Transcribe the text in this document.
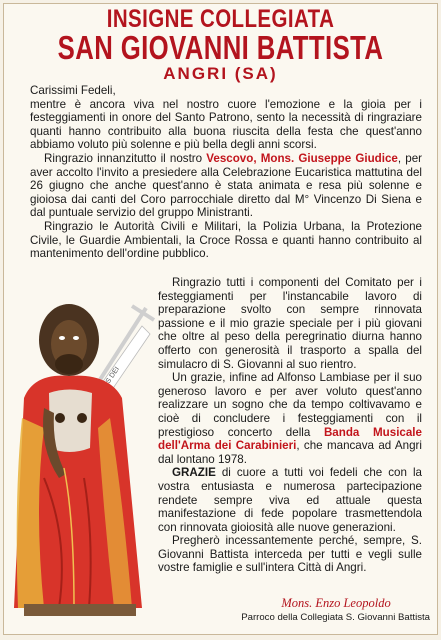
INSIGNE COLLEGIATA
SAN GIOVANNI BATTISTA
ANGRI (SA)

Carissimi Fedeli,

mentre è ancora viva nel nostro cuore l'emozione e la gioia per i festeggiamenti in onore del Santo Patrono, sento la necessità di ringraziare quanti hanno contribuito alla buona riuscita della festa che quest'anno abbiamo voluto più solenne e più bella degli anni scorsi.

Ringrazio innanzitutto il nostro Vescovo, Mons. Giuseppe Giudice, per aver accolto l'invito a presiedere alla Celebrazione Eucaristica mattutina del 26 giugno che anche quest'anno è stata animata e resa più solenne e gioiosa dai canti del Coro parrocchiale diretto dal M° Vincenzo Di Siena e dal puntuale servizio del gruppo Ministranti.

Ringrazio le Autorità Civili e Militari, la Polizia Urbana, la Protezione Civile, le Guardie Ambientali, la Croce Rossa e quanti hanno contribuito al mantenimento dell'ordine pubblico.

Ringrazio tutti i componenti del Comitato per i festeggiamenti per l'instancabile lavoro di preparazione svolto con sempre rinnovata passione e il mio grazie speciale per i più giovani che oltre al peso della peregrinatio diurna hanno offerto con generosità il trasporto a spalla del simulacro di S. Giovanni al suo rientro.

Un grazie, infine ad Alfonso Lambiase per il suo generoso lavoro e per aver voluto quest'anno realizzare un sogno che da tempo coltivavamo e cioè di concludere i festeggiamenti con il prestigioso concerto della Banda Musicale dell'Arma dei Carabinieri, che mancava ad Angri dal lontano 1978.

GRAZIE di cuore a tutti voi fedeli che con la vostra entusiasta e numerosa partecipazione rendete sempre viva ed attuale questa manifestazione di fede popolare trasmettendola con rinnovata gioiosità alle nuove generazioni.

Pregherò incessantemente perché, sempre, S. Giovanni Battista interceda per tutti e vegli sulle vostre famiglie e sull'intera Città di Angri.

Mons. Enzo Leopoldo
Parroco della Collegiata S. Giovanni Battista
